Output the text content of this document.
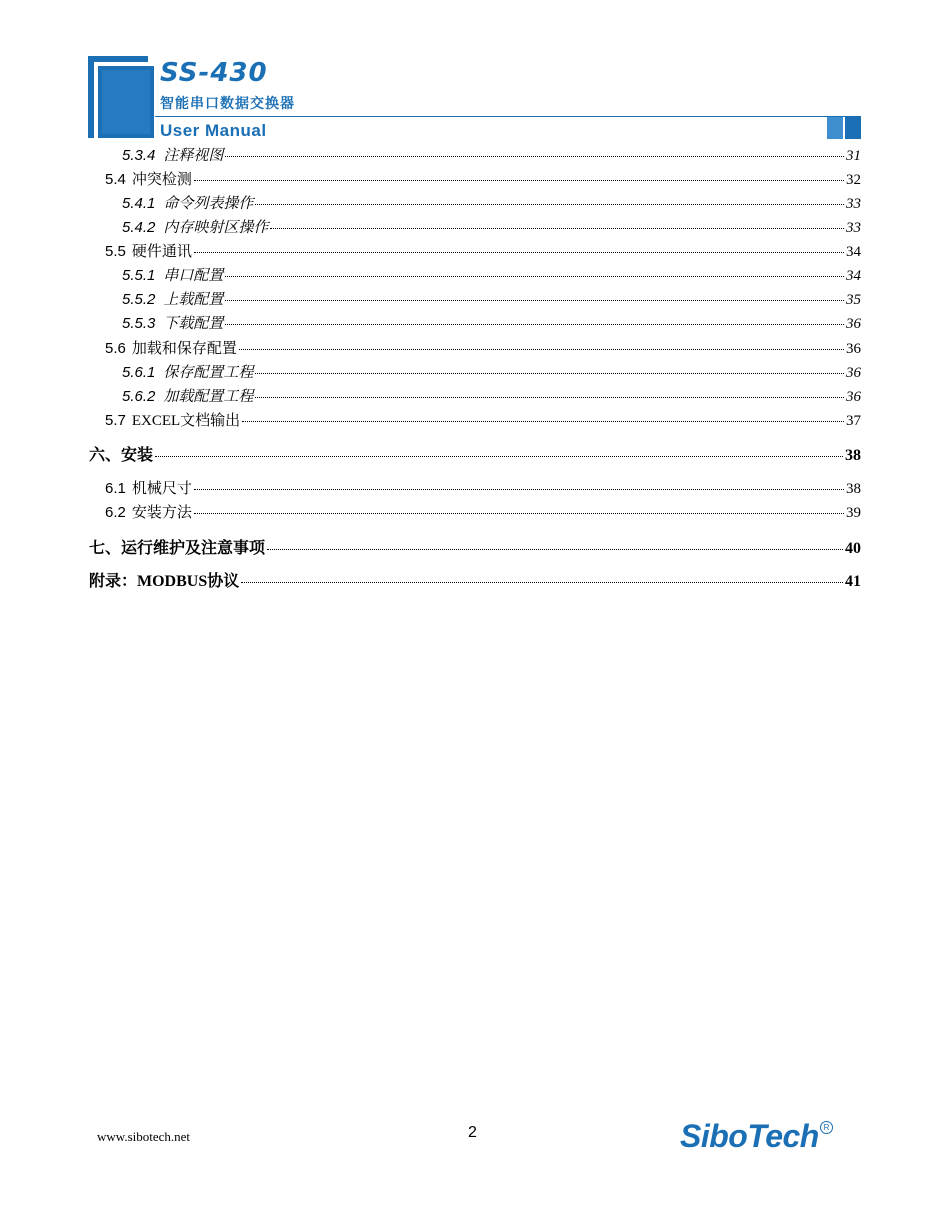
SS-430
智能串口数据交换器
User Manual
5.3.4 注释视图	31
5.4 冲突检测	32
5.4.1 命令列表操作	33
5.4.2 内存映射区操作	33
5.5 硬件通讯	34
5.5.1 串口配置	34
5.5.2 上载配置	35
5.5.3 下载配置	36
5.6 加载和保存配置	36
5.6.1 保存配置工程	36
5.6.2 加载配置工程	36
5.7 EXCEL文档输出	37
六、安装	38
6.1 机械尺寸	38
6.2 安装方法	39
七、运行维护及注意事项	40
附录：MODBUS协议	41
www.sibotech.net	2	SiboTech R
